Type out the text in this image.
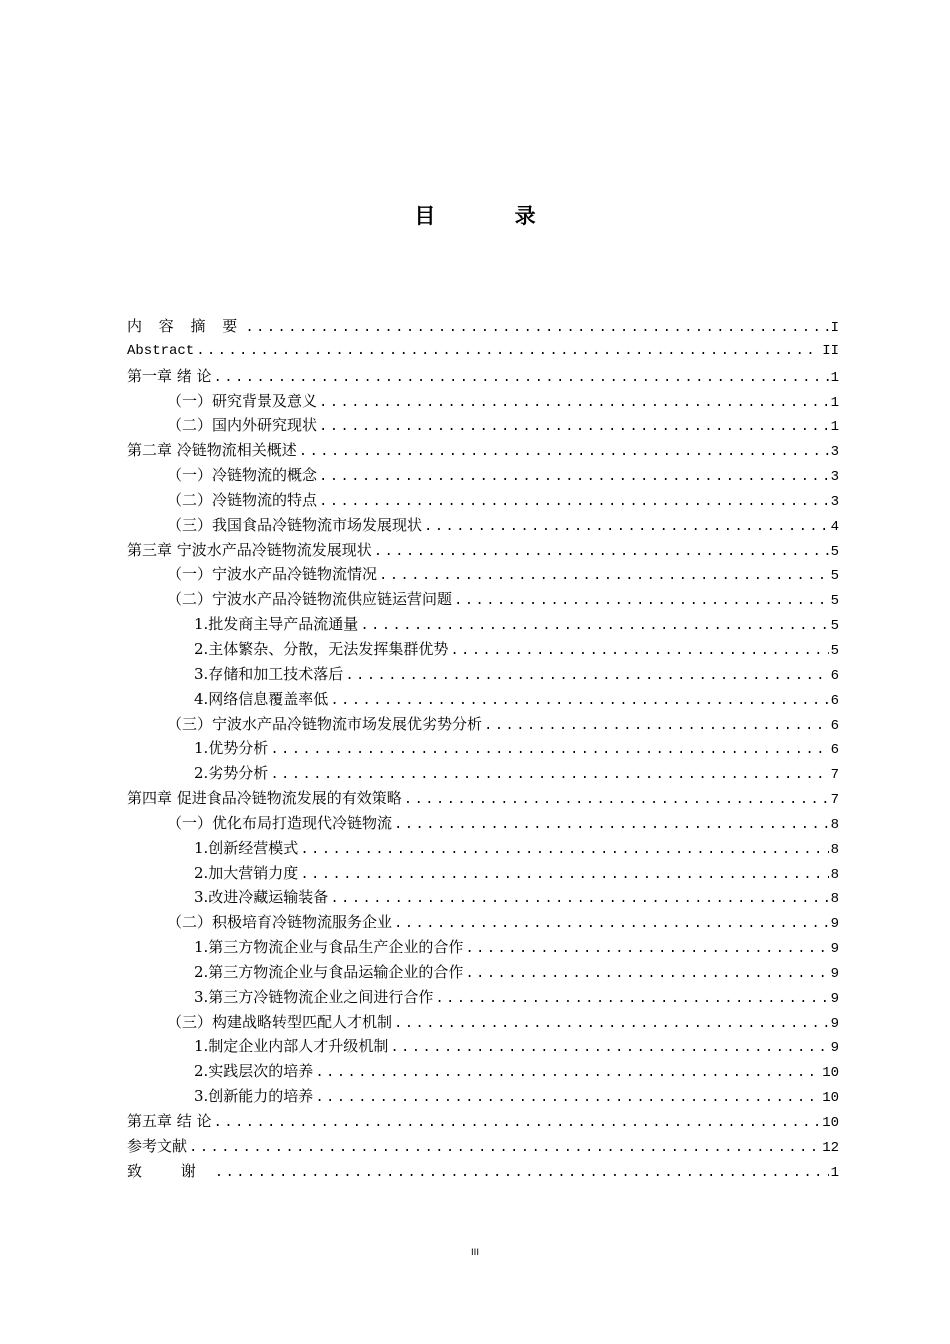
目 录
内 容 摘 要 .....	I
Abstract .....	II
第一章 绪 论 .....	1
（一）研究背景及意义 .....	1
（二）国内外研究现状 .....	1
第二章 冷链物流相关概述 .....	3
（一）冷链物流的概念 .....	3
（二）冷链物流的特点 .....	3
（三）我国食品冷链物流市场发展现状 .....	4
第三章 宁波水产品冷链物流发展现状 .....	5
（一）宁波水产品冷链物流情况 .....	5
（二）宁波水产品冷链物流供应链运营问题 .....	5
1.批发商主导产品流通量 .....	5
2.主体繁杂、分散，无法发挥集群优势 .....	5
3.存储和加工技术落后 .....	6
4.网络信息覆盖率低 .....	6
（三）宁波水产品冷链物流市场发展优劣势分析 .....	6
1.优势分析 .....	6
2.劣势分析 .....	7
第四章 促进食品冷链物流发展的有效策略 .....	7
（一）优化布局打造现代冷链物流 .....	8
1.创新经营模式 .....	8
2.加大营销力度 .....	8
3.改进冷藏运输装备 .....	8
（二）积极培育冷链物流服务企业 .....	9
1.第三方物流企业与食品生产企业的合作 .....	9
2.第三方物流企业与食品运输企业的合作 .....	9
3.第三方冷链物流企业之间进行合作 .....	9
（三）构建战略转型匹配人才机制 .....	9
1.制定企业内部人才升级机制 .....	9
2.实践层次的培养 .....	10
3.创新能力的培养 .....	10
第五章 结 论 .....	10
参考文献 .....	12
致 谢 .....	1
III
